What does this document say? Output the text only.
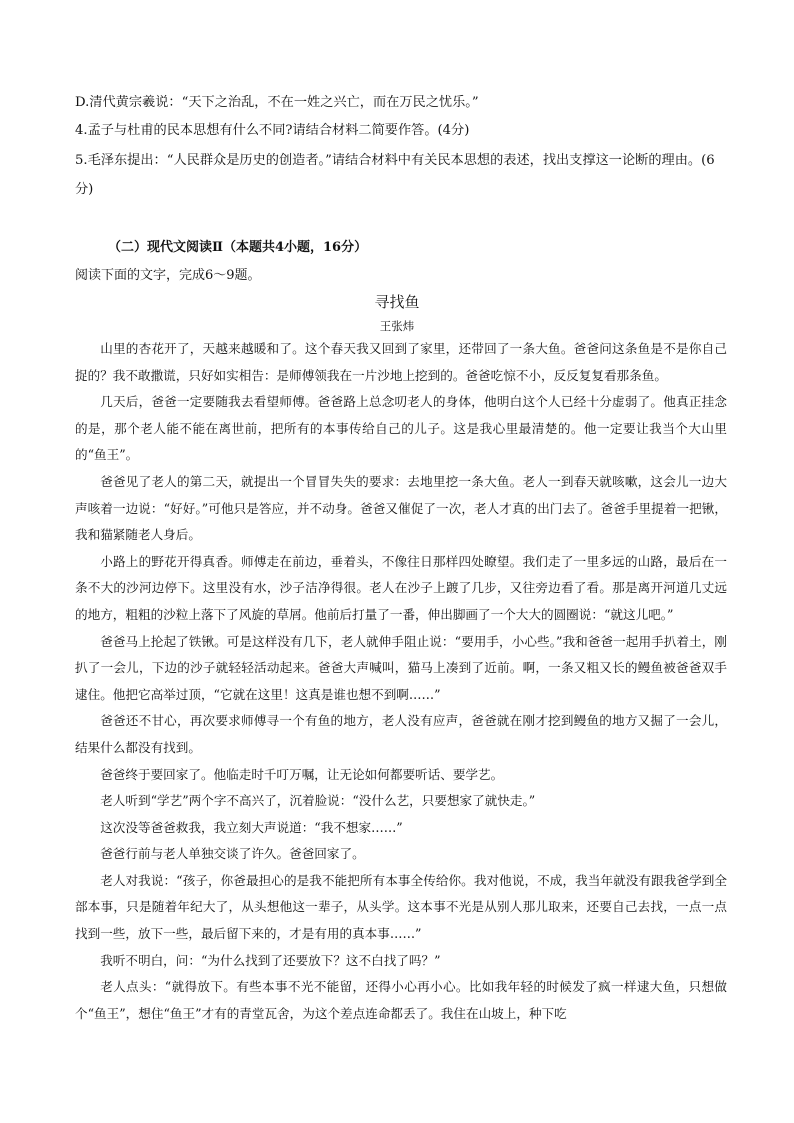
D.清代黄宗羲说：“天下之治乱，不在一姓之兴亡，而在万民之忧乐。”

4.孟子与杜甫的民本思想有什么不同?请结合材料二简要作答。(4分)

5.毛泽东提出：“人民群众是历史的创造者。”请结合材料中有关民本思想的表述，找出支撑这一论断的理由。(6分)

（二）现代文阅读Ⅱ（本题共4小题，16分）

阅读下面的文字，完成6～9题。

寻找鱼

王张炜

山里的杏花开了，天越来越暖和了。这个春天我又回到了家里，还带回了一条大鱼。爸爸问这条鱼是不是你自己捉的？我不敢撒谎，只好如实相告：是师傅领我在一片沙地上挖到的。爸爸吃惊不小，反反复复看那条鱼。

几天后，爸爸一定要随我去看望师傅。爸爸路上总念叨老人的身体，他明白这个人已经十分虚弱了。他真正挂念的是，那个老人能不能在离世前，把所有的本事传给自己的儿子。这是我心里最清楚的。他一定要让我当个大山里的“鱼王”。

爸爸见了老人的第二天，就提出一个冒冒失失的要求：去地里挖一条大鱼。老人一到春天就咳嗽，这会儿一边大声咳着一边说：“好好。”可他只是答应，并不动身。爸爸又催促了一次，老人才真的出门去了。爸爸手里提着一把锹，我和猫紧随老人身后。

小路上的野花开得真香。师傅走在前边，垂着头，不像往日那样四处瞭望。我们走了一里多远的山路，最后在一条不大的沙河边停下。这里没有水，沙子洁净得很。老人在沙子上踱了几步，又往旁边看了看。那是离开河道几丈远的地方，粗粗的沙粒上落下了风旋的草屑。他前后打量了一番，伸出脚画了一个大大的圆圈说：“就这儿吧。”

爸爸马上抡起了铁锹。可是这样没有几下，老人就伸手阻止说：“要用手，小心些。”我和爸爸一起用手扒着土，刚扒了一会儿，下边的沙子就轻轻活动起来。爸爸大声喊叫，猫马上凑到了近前。啊，一条又粗又长的鳗鱼被爸爸双手逮住。他把它高举过顶，“它就在这里！这真是谁也想不到啊……”

爸爸还不甘心，再次要求师傅寻一个有鱼的地方，老人没有应声，爸爸就在刚才挖到鳗鱼的地方又掘了一会儿，结果什么都没有找到。

爸爸终于要回家了。他临走时千叮万嘱，让无论如何都要听话、要学艺。

老人听到“学艺”两个字不高兴了，沉着脸说：“没什么艺，只要想家了就快走。”

这次没等爸爸救我，我立刻大声说道：“我不想家……”

爸爸行前与老人单独交谈了许久。爸爸回家了。

老人对我说：“孩子，你爸最担心的是我不能把所有本事全传给你。我对他说，不成，我当年就没有跟我爸学到全部本事，只是随着年纪大了，从头想他这一辈子，从头学。这本事不光是从别人那儿取来，还要自己去找，一点一点找到一些，放下一些，最后留下来的，才是有用的真本事……”

我听不明白，问：“为什么找到了还要放下？这不白找了吗？”

老人点头：“就得放下。有些本事不光不能留，还得小心再小心。比如我年轻的时候发了疯一样逮大鱼，只想做个“鱼王”，想住“鱼王”才有的青堂瓦舍，为这个差点连命都丢了。我住在山坡上，种下吃
